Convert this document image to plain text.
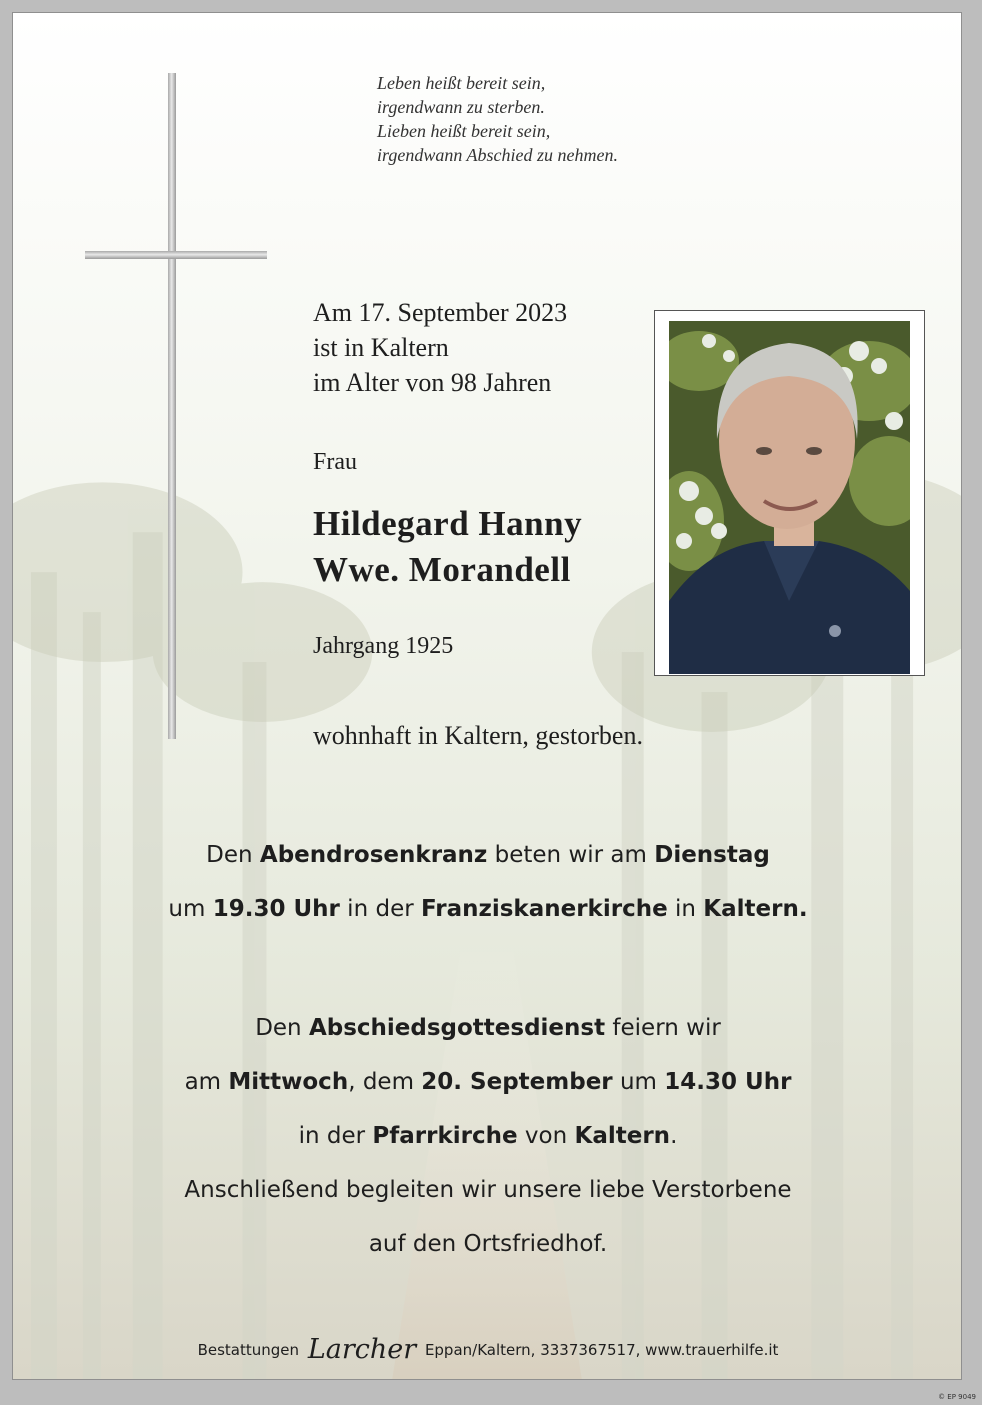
Leben heißt bereit sein,
irgendwann zu sterben.
Lieben heißt bereit sein,
irgendwann Abschied zu nehmen.
Am 17. September 2023
ist in Kaltern
im Alter von 98 Jahren
Frau
Hildegard Hanny
Wwe. Morandell
Jahrgang 1925
wohnhaft in Kaltern, gestorben.
Den Abendrosenkranz beten wir am Dienstag
um 19.30 Uhr in der Franziskanerkirche in Kaltern.
Den Abschiedsgottesdienst feiern wir
am Mittwoch, dem 20. September um 14.30 Uhr
in der Pfarrkirche von Kaltern.
Anschließend begleiten wir unsere liebe Verstorbene
auf den Ortsfriedhof.
Bestattungen Larcher Eppan/Kaltern, 3337367517, www.trauerhilfe.it
© EP 9049
